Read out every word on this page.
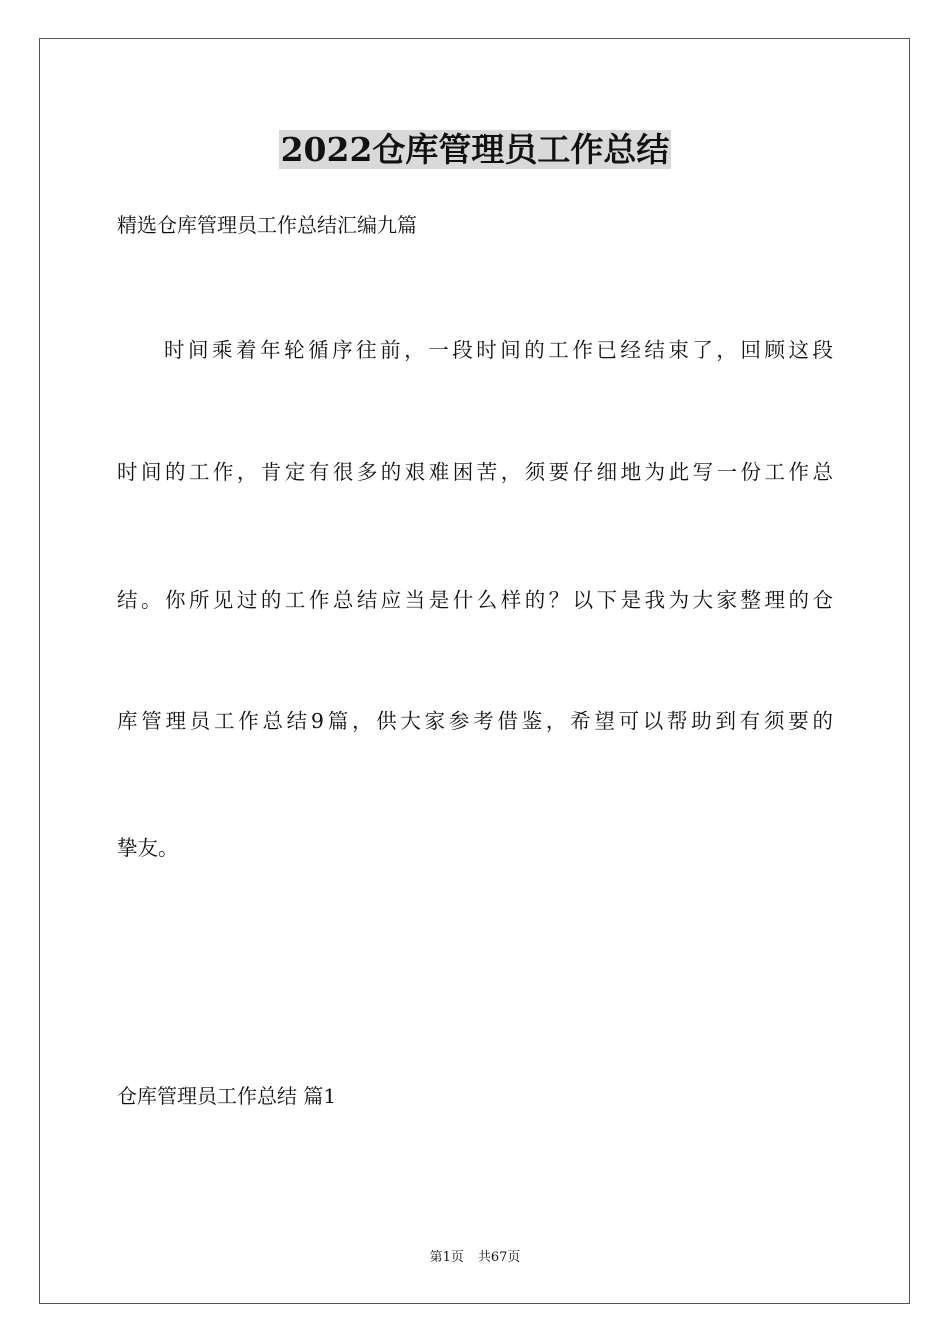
2022仓库管理员工作总结

精选仓库管理员工作总结汇编九篇

时间乘着年轮循序往前，一段时间的工作已经结束了，回顾这段

时间的工作，肯定有很多的艰难困苦，须要仔细地为此写一份工作总

结。你所见过的工作总结应当是什么样的？以下是我为大家整理的仓

库管理员工作总结9篇，供大家参考借鉴，希望可以帮助到有须要的

挚友。

仓库管理员工作总结 篇1

第1页 共67页
